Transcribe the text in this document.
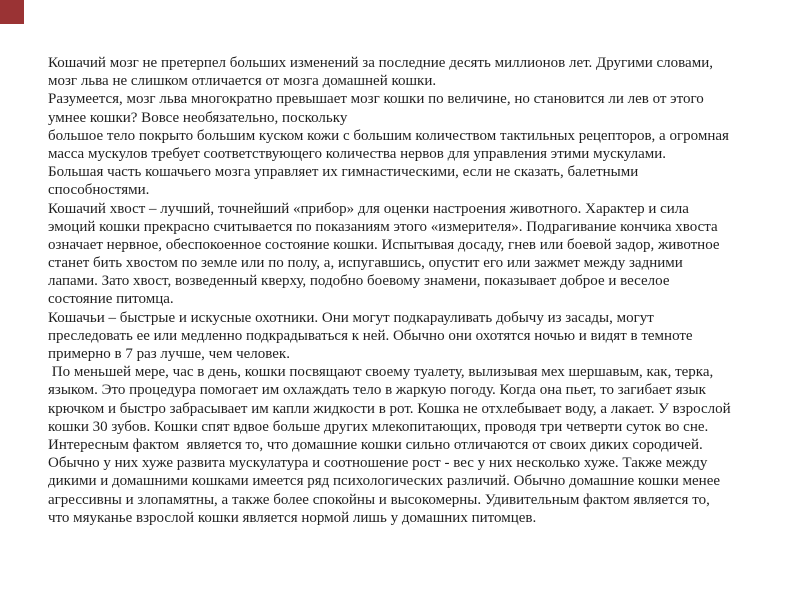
Кошачий мозг не претерпел больших изменений за последние десять миллионов лет. Другими словами,
мозг льва не слишком отличается от мозга домашней кошки.
Разумеется, мозг льва многократно превышает мозг кошки по величине, но становится ли лев от этого
умнее кошки? Вовсе необязательно, поскольку
большое тело покрыто большим куском кожи с большим количеством тактильных рецепторов, а огромная
масса мускулов требует соответствующего количества нервов для управления этими мускулами.
Большая часть кошачьего мозга управляет их гимнастическими, если не сказать, балетными
способностями.
Кошачий хвост – лучший, точнейший «прибор» для оценки настроения животного. Характер и сила
эмоций кошки прекрасно считывается по показаниям этого «измерителя». Подрагивание кончика хвоста
означает нервное, обеспокоенное состояние кошки. Испытывая досаду, гнев или боевой задор, животное
станет бить хвостом по земле или по полу, а, испугавшись, опустит его или зажмет между задними
лапами. Зато хвост, возведенный кверху, подобно боевому знамени, показывает доброе и веселое
состояние питомца.
Кошачьи – быстрые и искусные охотники. Они могут подкарауливать добычу из засады, могут
преследовать ее или медленно подкрадываться к ней. Обычно они охотятся ночью и видят в темноте
примерно в 7 раз лучше, чем человек.
По меньшей мере, час в день, кошки посвящают своему туалету, вылизывая мех шершавым, как, терка,
языком. Это процедура помогает им охлаждать тело в жаркую погоду. Когда она пьет, то загибает язык
крючком и быстро забрасывает им капли жидкости в рот. Кошка не отхлебывает воду, а лакает. У взрослой
кошки 30 зубов. Кошки спят вдвое больше других млекопитающих, проводя три четверти суток во сне.
Интересным фактом  является то, что домашние кошки сильно отличаются от своих диких сородичей.
Обычно у них хуже развита мускулатура и соотношение рост - вес у них несколько хуже. Также между
дикими и домашними кошками имеется ряд психологических различий. Обычно домашние кошки менее
агрессивны и злопамятны, а также более спокойны и высокомерны. Удивительным фактом является то,
что мяуканье взрослой кошки является нормой лишь у домашних питомцев.
